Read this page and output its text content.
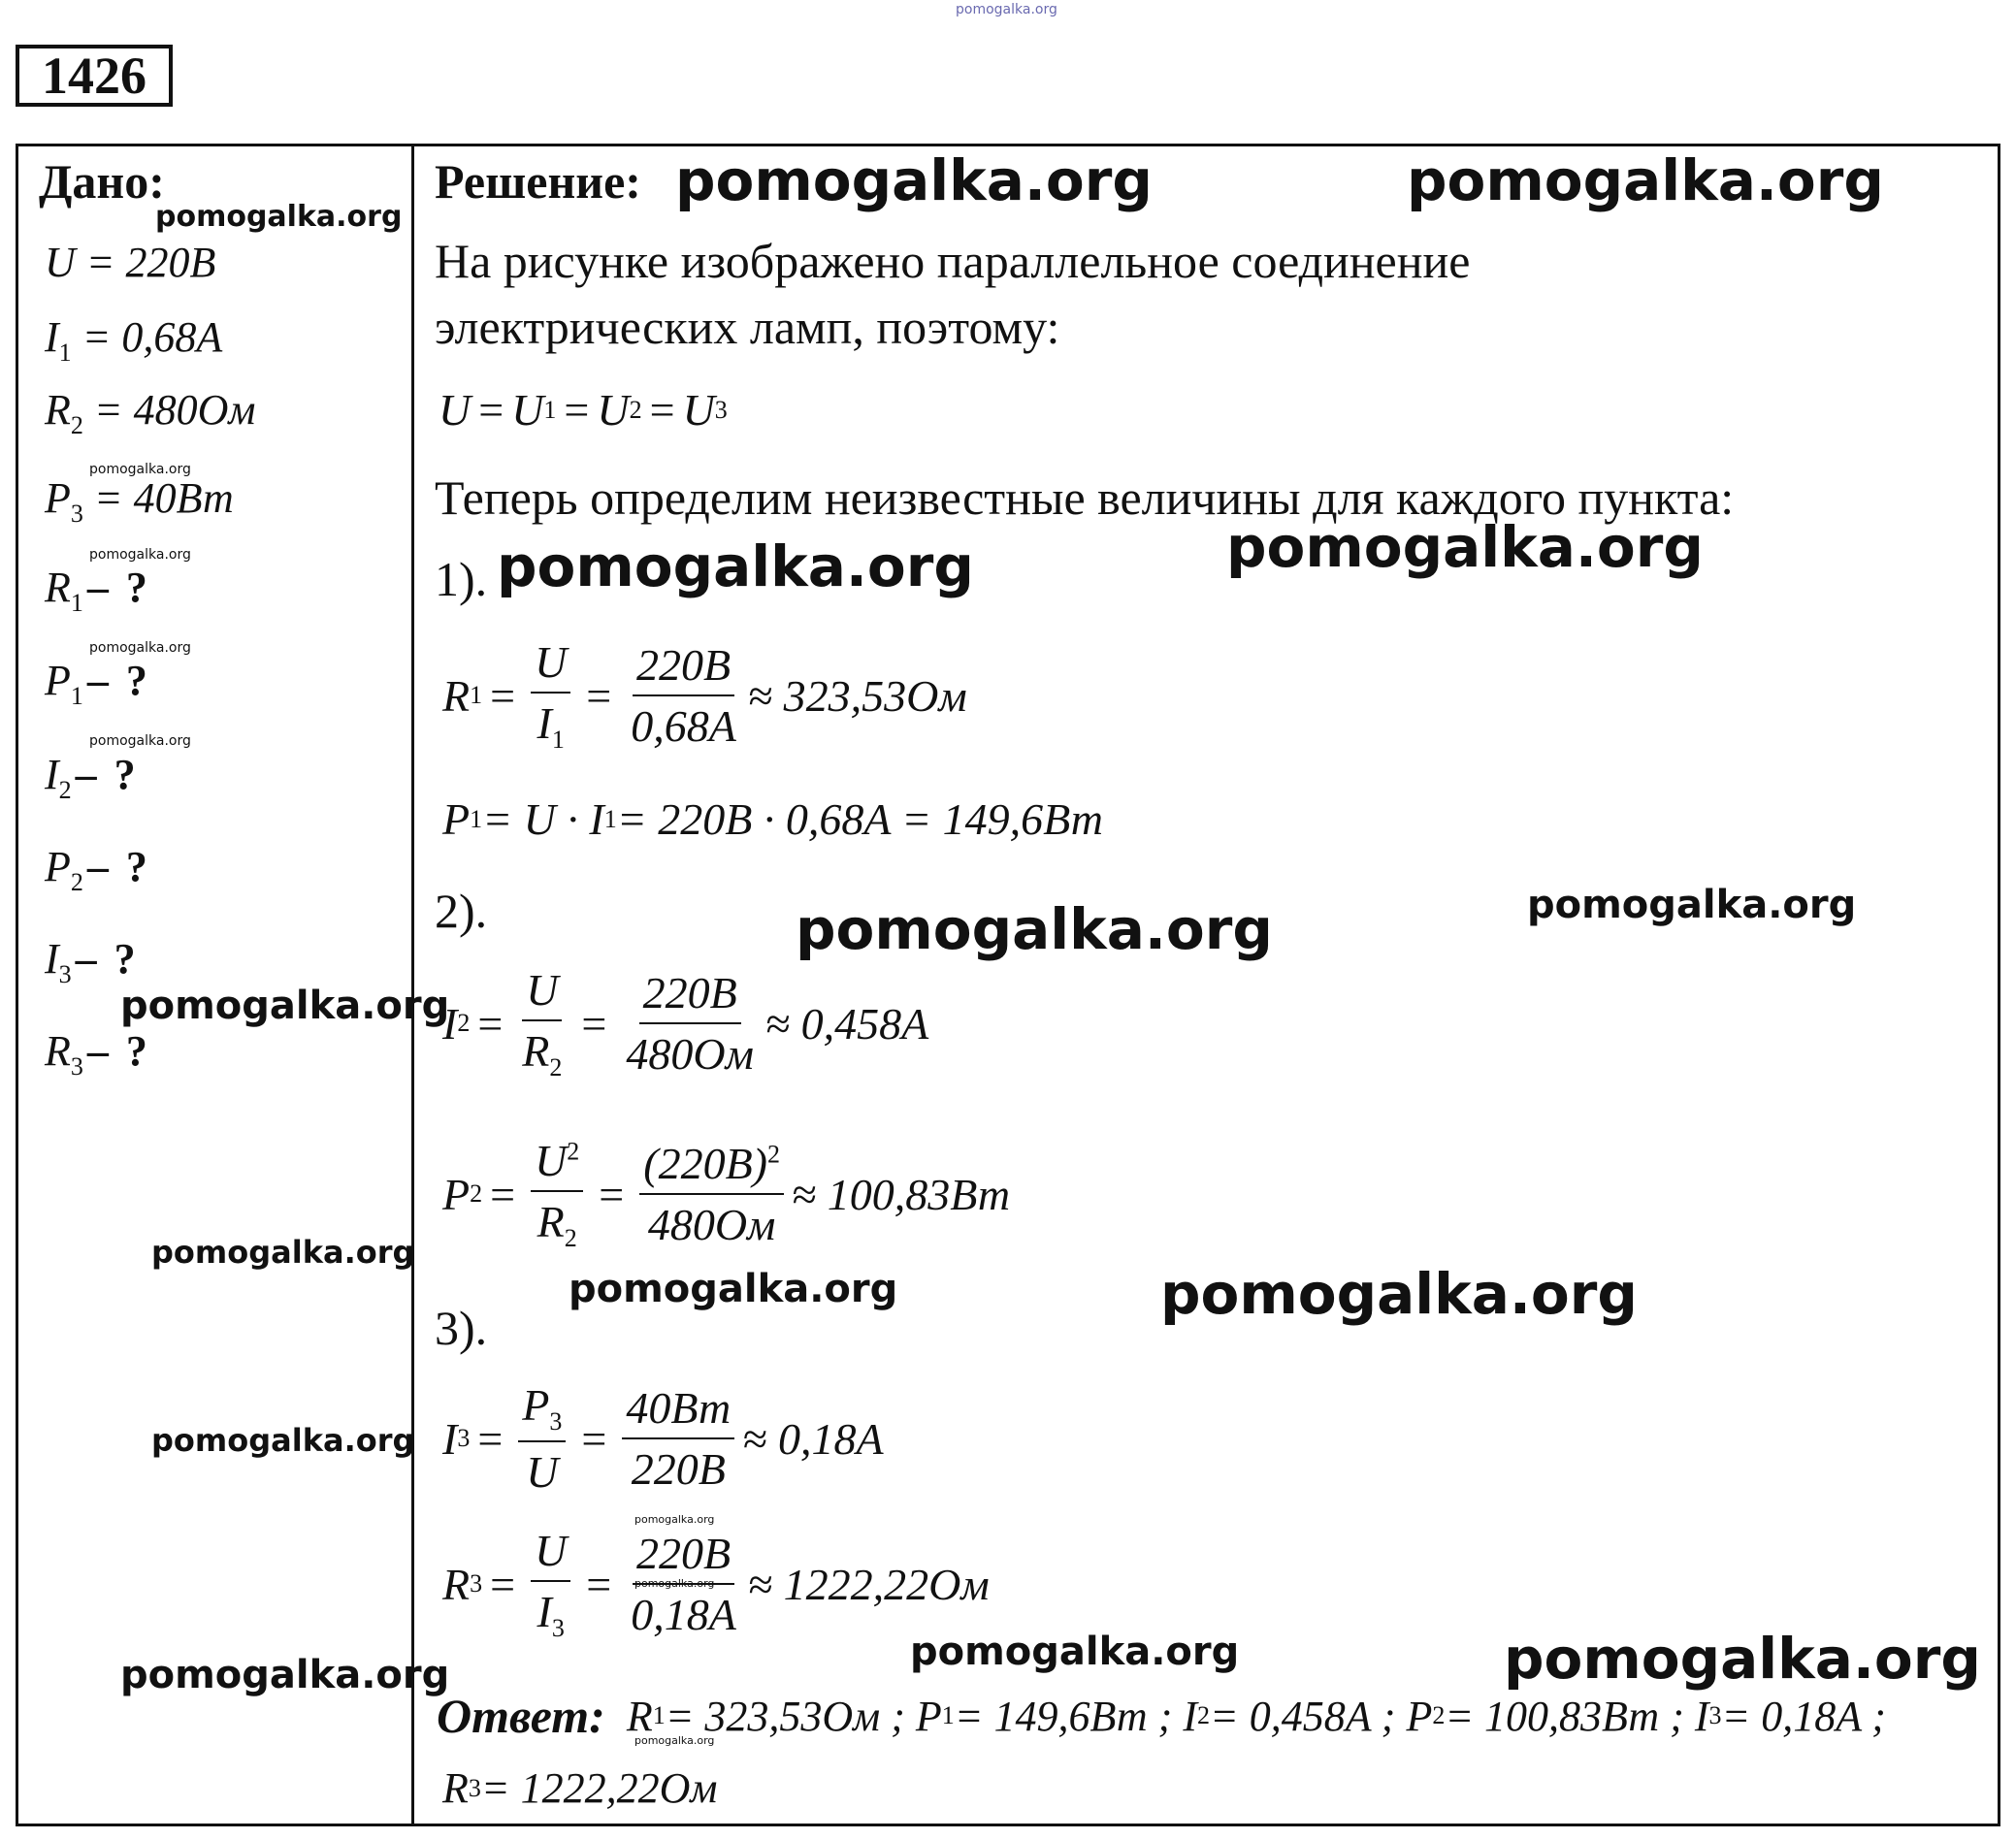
pomogalka.org
1426
Дано:
U = 220B
$I_1 = 0,68A$
$R_2 = 480Ом$
$P_3 = 40Вт$
$R_1-$ ?
$P_1-$ ?
$I_2-$ ?
$P_2-$ ?
$I_3-$ ?
$R_3-$ ?
Решение:
На рисунке изображено параллельное соединение
электрических ламп, поэтому:
U = U 1 = U 2 = U 3
Теперь определим неизвестные величины для каждого пункта:
1).
R $1 = \frac{U}{I_1} = \frac{220B}{0,68A} \approx 323,53Ом$
P 1 = U · I 1 = 220B · 0,68A = 149,6Вт
2).
I $2 = \frac{U}{R_2} = \frac{220B}{480Ом} \approx 0,458A$
P $2 = \frac{U^2}{R_2} = \frac{(220B)^2}{480Ом} \approx 100,83Вт$
3).
I $3 = \frac{P_3}{U} = \frac{40Вт}{220B} \approx 0,18A$
R $3 = \frac{U}{I_3} = \frac{220B}{0,18A} \approx 1222,22Ом$
Ответ: R 1 = 323,53Ом ;
P 1 = 149,6Вт ;
I 2 = 0,458A ;
P 2 = 100,83Вт ;
I 3 = 0,18A ;
R 3 = 1222,22Ом
pomogalka.org	pomogalka.org
pomogalka.org
pomogalka.org
pomogalka.org
pomogalka.org	pomogalka.org
pomogalka.org
pomogalka.org
pomogalka.org
pomogalka.org
pomogalka.org	pomogalka.org
pomogalka.org	pomogalka.org
pomogalka.org
pomogalka.org
pomogalka.org
pomogalka.org
pomogalka.org
pomogalka.org
pomogalka.org
